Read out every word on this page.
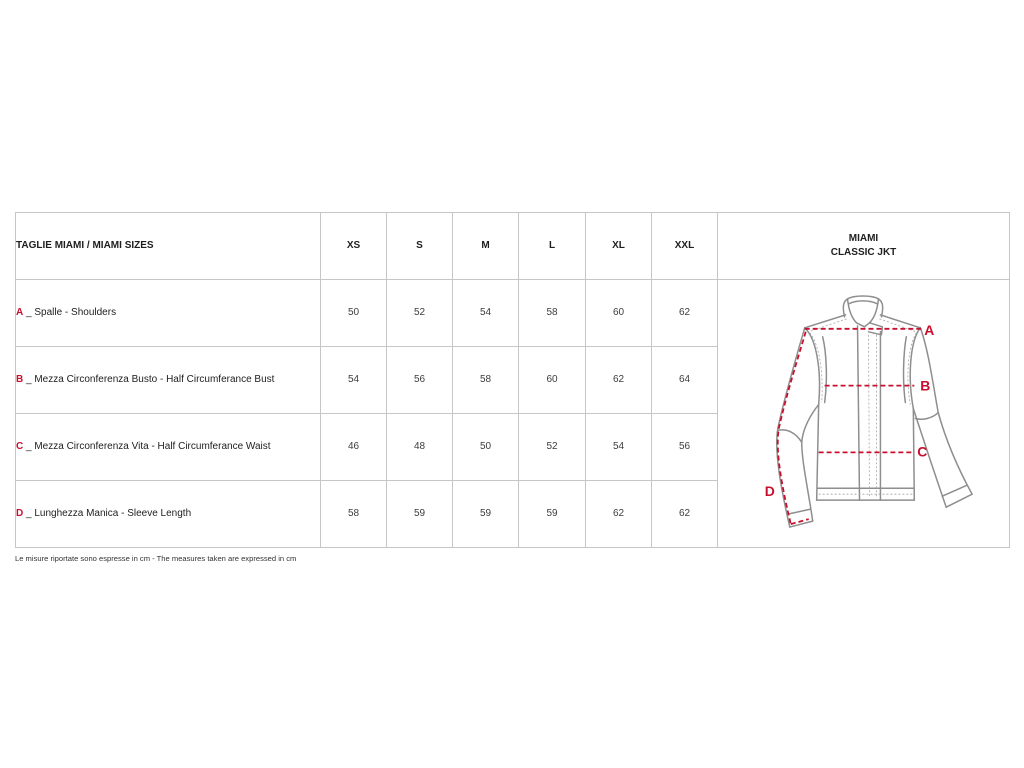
TAGLIE MIAMI / MIAMI SIZES	XS	S	M	L	XL	XXL	MIAMI
CLASSIC JKT

A _ Spalle - Shoulders	50	52	54	58	60	62	A
B
C
D

B _ Mezza Circonferenza Busto - Half Circumferance Bust	54	56	58	60	62	64	
C _ Mezza Circonferenza Vita - Half Circumferance Waist	46	48	50	52	54	56	
D _ Lunghezza Manica - Sleeve Length	58	59	59	59	62	62	
Le misure riportate sono espresse in cm - The measures taken are expressed in cm
